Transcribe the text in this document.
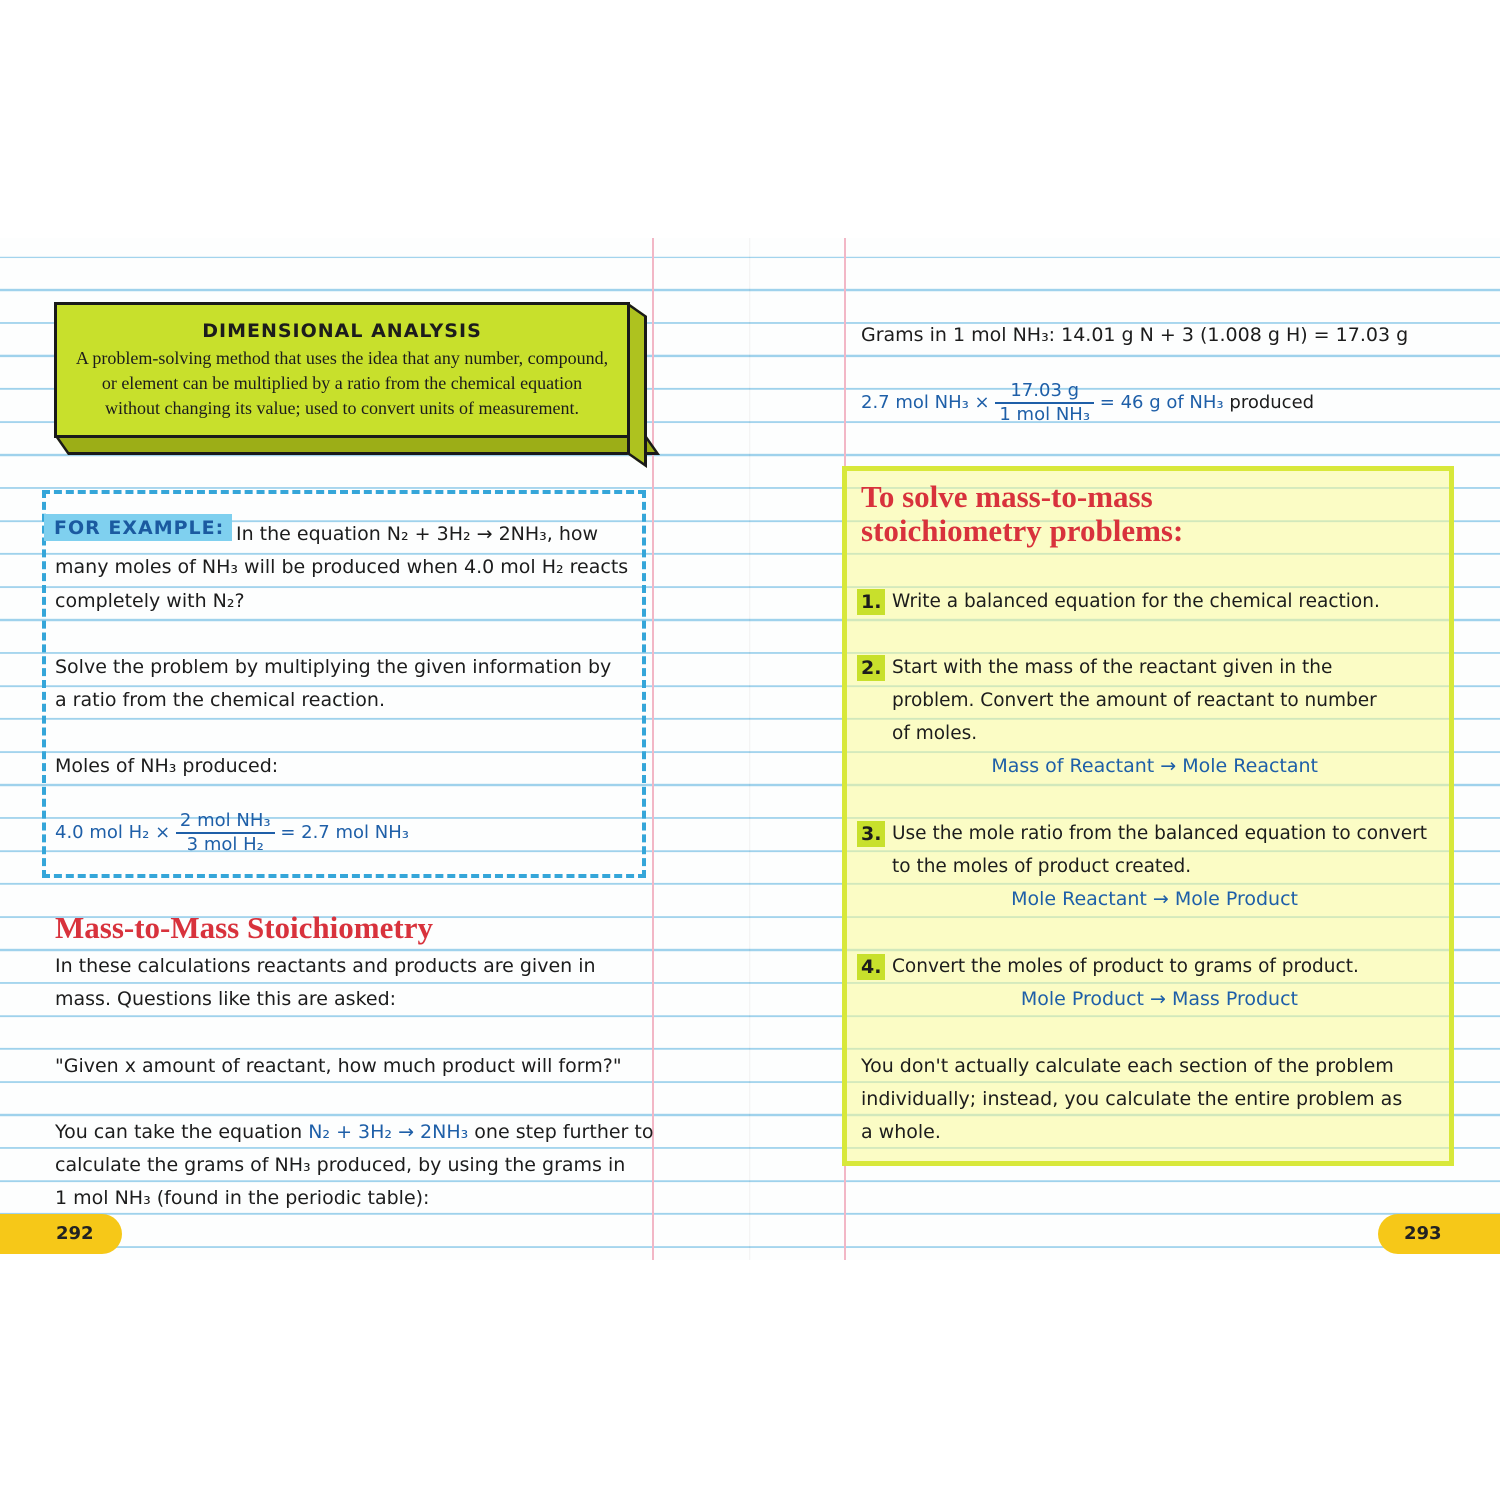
DIMENSIONAL ANALYSIS
A problem-solving method that uses the idea that any number, compound,
or element can be multiplied by a ratio from the chemical equation
without changing its value; used to convert units of measurement.
FOR EXAMPLE: In the equation N₂ + 3H₂ → 2NH₃, how
many moles of NH₃ will be produced when 4.0 mol H₂ reacts
completely with N₂?
Solve the problem by multiplying the given information by
a ratio from the chemical reaction.
Moles of NH₃ produced:
4.0 mol $H_2 \times \frac{\text{2 mol NH₃}}{\text{3 mol H₂}} = 2.7$ mol NH₃
Mass-to-Mass Stoichiometry
In these calculations reactants and products are given in
mass. Questions like this are asked:
"Given x amount of reactant, how much product will form?"
You can take the equation N₂ + 3H₂ → 2NH₃ one step further to
calculate the grams of NH₃ produced, by using the grams in
1 mol NH₃ (found in the periodic table):
Grams in 1 mol NH₃: 14.01 g N + 3 (1.008 g H) = 17.03 g
2.7 mol $NH_3 \times \frac{17.03 g}{\text{1 mol NH₃}} = 46$ g of NH₃ produced
To solve mass-to-mass
stoichiometry problems:
1. Write a balanced equation for the chemical reaction.
2. Start with the mass of the reactant given in the
problem. Convert the amount of reactant to number
of moles.
Mass of Reactant → Mole Reactant
3. Use the mole ratio from the balanced equation to convert
to the moles of product created.
Mole Reactant → Mole Product
4. Convert the moles of product to grams of product.
Mole Product → Mass Product
You don't actually calculate each section of the problem
individually; instead, you calculate the entire problem as
a whole.
292	293
